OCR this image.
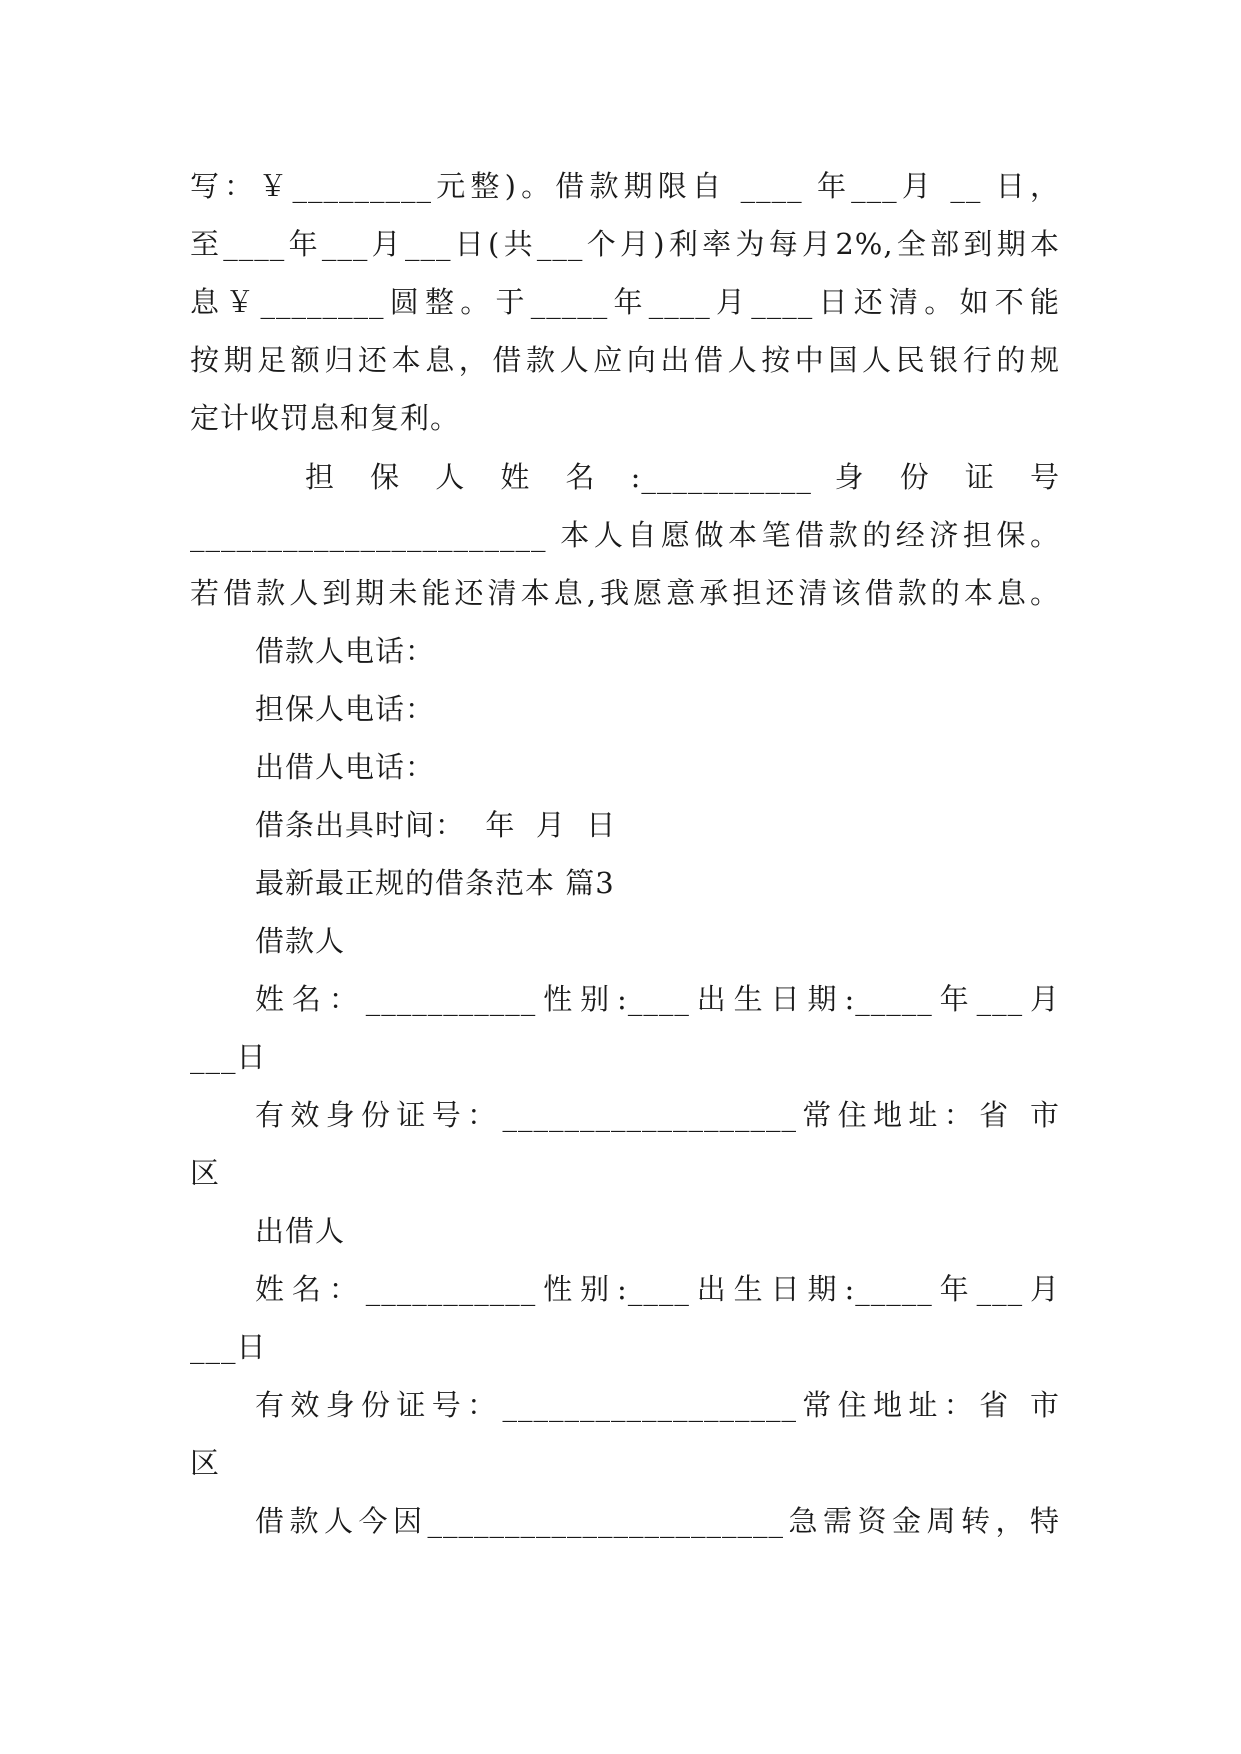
写：￥_________元整)。借款期限自 ____ 年___月 __ 日，
至____年___月___日(共___个月)利率为每月2%,全部到期本
息￥________圆整。于_____年____月____日还清。如不能
按期足额归还本息，借款人应向出借人按中国人民银行的规
定计收罚息和复利。
担 保 人 姓 名 :___________ 身 份 证 号
_______________________ 本人自愿做本笔借款的经济担保。
若借款人到期未能还清本息,我愿意承担还清该借款的本息。
借款人电话：
担保人电话：
出借人电话：
借条出具时间：  年  月  日
最新最正规的借条范本 篇3
借款人
姓名：___________性别:____出生日期:_____年___月
___日
有效身份证号：___________________常住地址：省 市
区
出借人
姓名：___________性别:____出生日期:_____年___月
___日
有效身份证号：___________________常住地址：省 市
区
借款人今因_______________________急需资金周转，特
